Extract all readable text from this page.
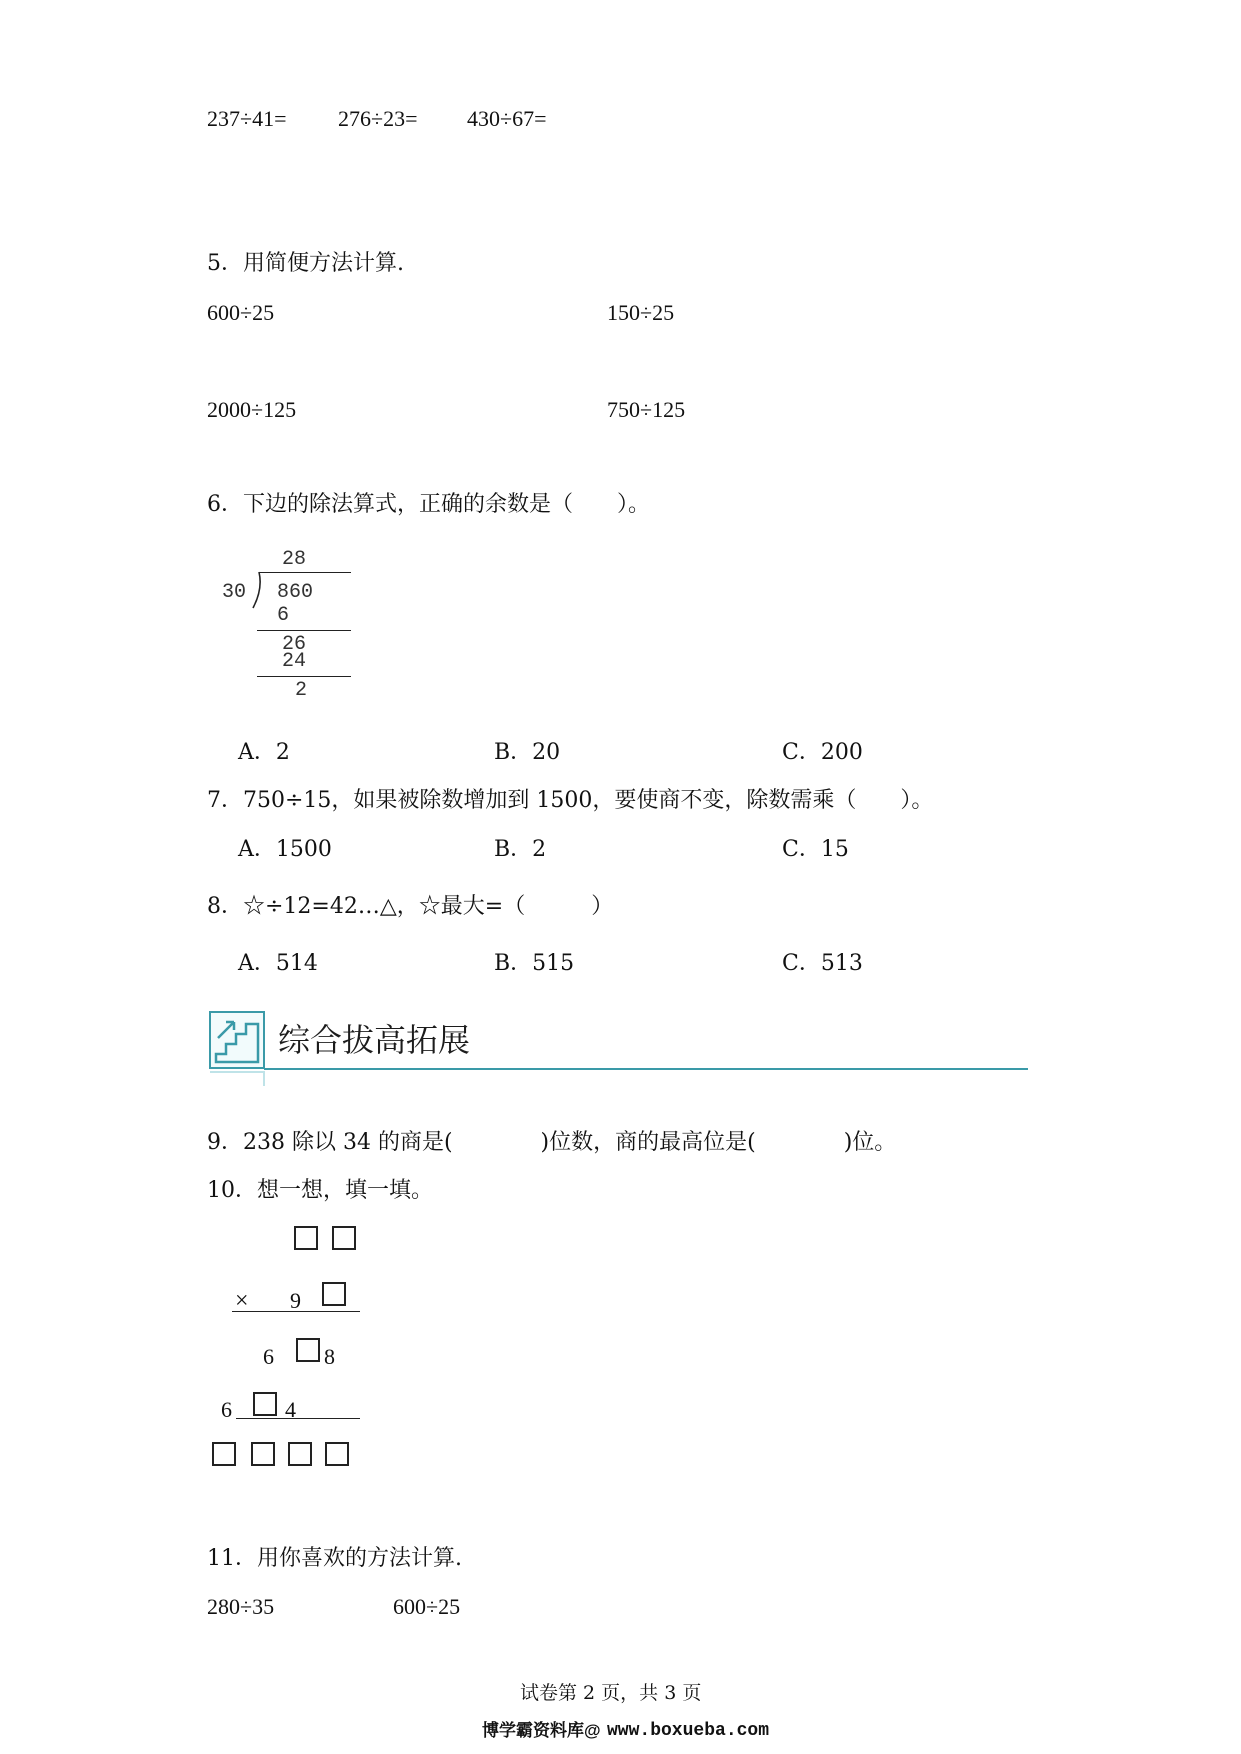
237÷41= 276÷23= 430÷67=
5．用简便方法计算.
600÷25	150÷25
2000÷125	750÷125
6．下边的除法算式，正确的余数是（　　）。
28
30 860
6
26
24
2
A．2	B．20	C．200
7．750÷15，如果被除数增加到 1500，要使商不变，除数需乘（　　）。
A．1500	B．2	C．15
8．☆÷12=42…△，☆最大=（　　　）
A．514	B．515	C．513
综合拔高拓展
9．238 除以 34 的商是(　　　　)位数，商的最高位是(　　　　)位。
10．想一想，填一填。
× 9
6 8
6 4
11．用你喜欢的方法计算.
280÷35	600÷25
试卷第 2 页，共 3 页
博学霸资料库@ www.boxueba.com
